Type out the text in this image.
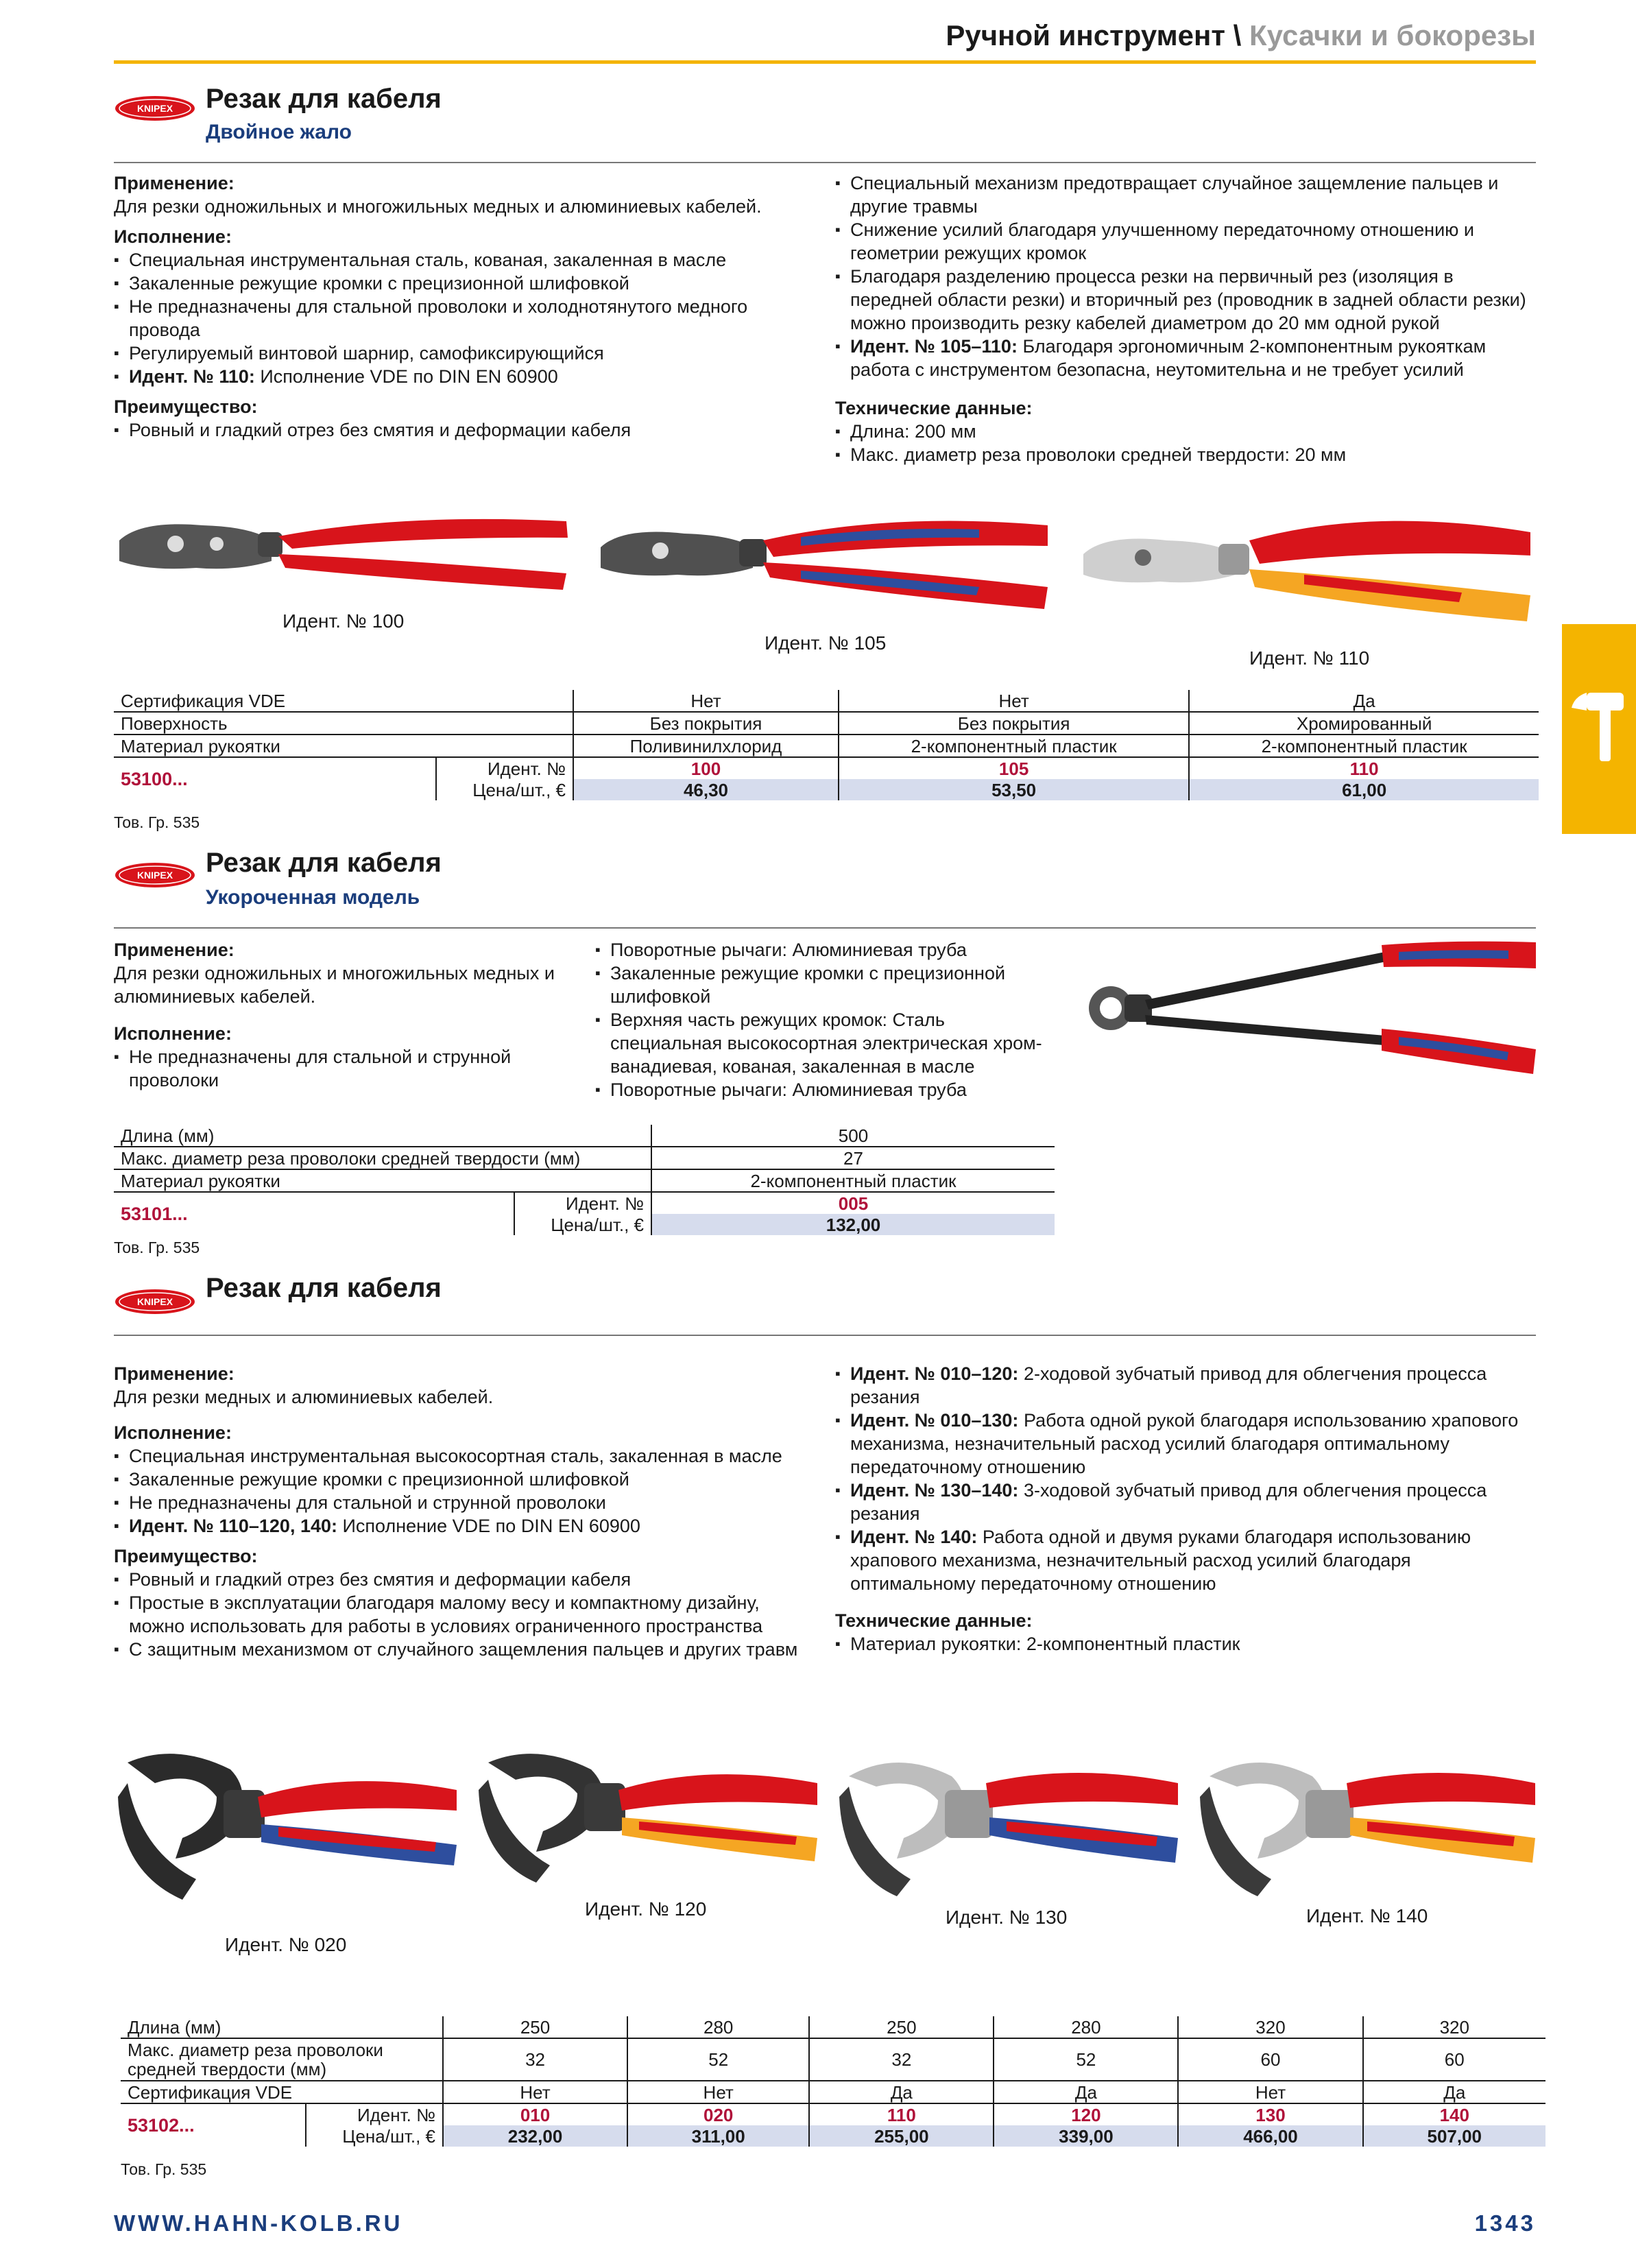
Ручной инструмент \ Кусачки и бокорезы
KNIPEX Резак для кабеля
Двойное жало
Применение:

Для резки одножильных и многожильных медных и алюминиевых кабелей.

Исполнение:
▪ Специальная инструментальная сталь, кованая, закаленная в масле
▪ Закаленные режущие кромки с прецизионной шлифовкой
▪ Не предназначены для стальной проволоки и холоднотянутого медного провода
▪ Регулируемый винтовой шарнир, самофиксирующийся
▪ Идент. № 110: Исполнение VDE по DIN EN 60900
Преимущество:
▪ Ровный и гладкий отрез без смятия и деформации кабеля
▪ Специальный механизм предотвращает случайное защемление пальцев и другие травмы
▪ Снижение усилий благодаря улучшенному передаточному отношению и геометрии режущих кромок
▪ Благодаря разделению процесса резки на первичный рез (изоляция в передней области резки) и вторичный рез (проводник в задней области резки) можно производить резку кабелей диаметром до 20 мм одной рукой
▪ Идент. № 105–110: Благодаря эргономичным 2-компонентным рукояткам работа с инструментом безопасна, неутомительна и не требует усилий
Технические данные:
▪ Длина: 200 мм
▪ Макс. диаметр реза проволоки средней твердости: 20 мм
Идент. № 100
Идент. № 105
Идент. № 110
Сертификация VDE		Нет	Нет	Да
Поверхность		Без покрытия	Без покрытия	Хромированный
Материал рукоятки		Поливинилхлорид	2-компонентный пластик	2-компонентный пластик
53100...	Идент. №	100	105	110
	Цена/шт., €	46,30	53,50	61,00
Тов. Гр. 535
KNIPEX Резак для кабеля
Укороченная модель
Применение:

Для резки одножильных и многожильных медных и алюминиевых кабелей.

Исполнение:
▪ Не предназначены для стальной и струнной проволоки
▪ Поворотные рычаги: Алюминиевая труба
▪ Закаленные режущие кромки с прецизионной шлифовкой
▪ Верхняя часть режущих кромок: Сталь специальная высокосортная электрическая хром-ванадиевая, кованая, закаленная в масле
▪ Поворотные рычаги: Алюминиевая труба
Длина (мм)		500
Макс. диаметр реза проволоки средней твердости (мм)		27
Материал рукоятки		2-компонентный пластик
53101...	Идент. №	005
	Цена/шт., €	132,00
Тов. Гр. 535
KNIPEX Резак для кабеля
Применение:

Для резки медных и алюминиевых кабелей.

Исполнение:
▪ Специальная инструментальная высокосортная сталь, закаленная в масле
▪ Закаленные режущие кромки с прецизионной шлифовкой
▪ Не предназначены для стальной и струнной проволоки
▪ Идент. № 110–120, 140: Исполнение VDE по DIN EN 60900
Преимущество:
▪ Ровный и гладкий отрез без смятия и деформации кабеля
▪ Простые в эксплуатации благодаря малому весу и компактному дизайну, можно использовать для работы в условиях ограниченного пространства
▪ С защитным механизмом от случайного защемления пальцев и других травм
▪ Идент. № 010–120: 2-ходовой зубчатый привод для облегчения процесса резания
▪ Идент. № 010–130: Работа одной рукой благодаря использованию храпового механизма, незначительный расход усилий благодаря оптимальному передаточному отношению
▪ Идент. № 130–140: 3-ходовой зубчатый привод для облегчения процесса резания
▪ Идент. № 140: Работа одной и двумя руками благодаря использованию храпового механизма, незначительный расход усилий благодаря оптимальному передаточному отношению
Технические данные:
▪ Материал рукоятки: 2-компонентный пластик
Идент. № 020
Идент. № 120	Идент. № 130	Идент. № 140
Длина (мм)		250	280	250	280	320	320
Макс. диаметр реза проволоки средней твердости (мм)		32	52	32	52	60	60
Сертификация VDE		Нет	Нет	Да	Да	Нет	Да
53102...	Идент. №	010	020	110	120	130	140
	Цена/шт., €	232,00	311,00	255,00	339,00	466,00	507,00
Тов. Гр. 535
WWW.HAHN-KOLB.RU	1343
